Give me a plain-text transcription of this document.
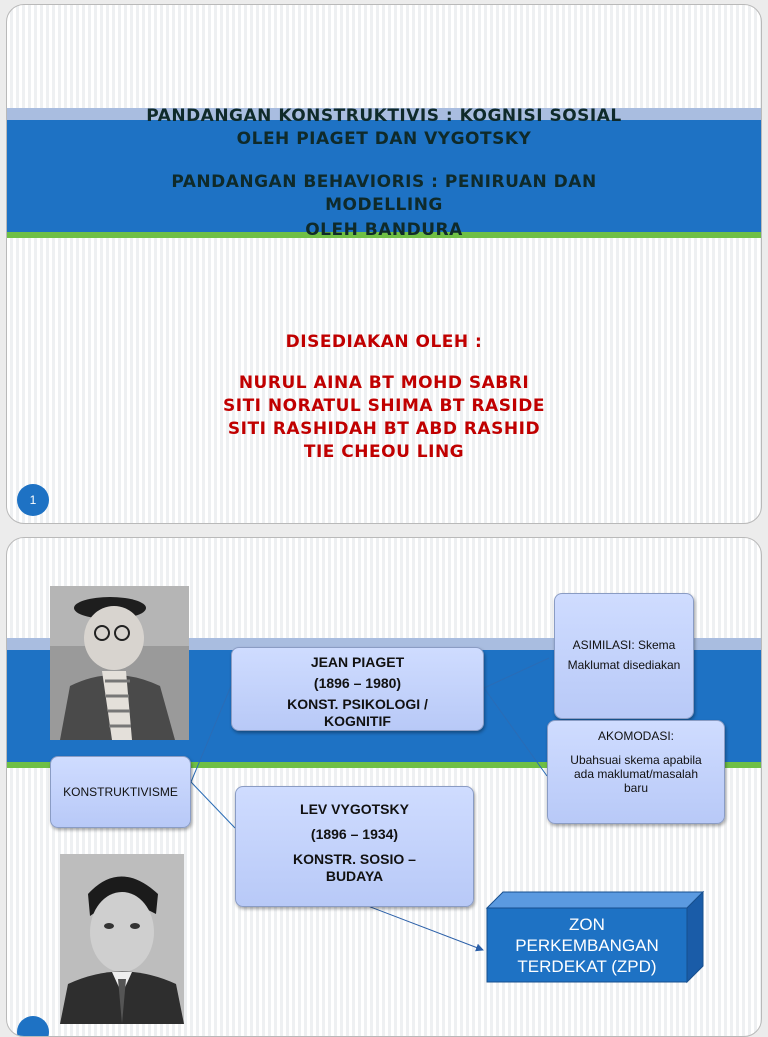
PANDANGAN KONSTRUKTIVIS : KOGNISI SOSIAL
OLEH PIAGET DAN VYGOTSKY
PANDANGAN BEHAVIORIS : PENIRUAN DAN
MODELLING
OLEH BANDURA
DISEDIAKAN OLEH :
NURUL AINA BT MOHD SABRI
SITI NORATUL SHIMA BT RASIDE
SITI RASHIDAH BT ABD RASHID
TIE CHEOU LING
1
KONSTRUKTIVISME
JEAN PIAGET
(1896 – 1980)
KONST. PSIKOLOGI /
KOGNITIF
LEV VYGOTSKY
(1896 – 1934)
KONSTR. SOSIO –
BUDAYA
ASIMILASI: Skema
Maklumat disediakan
AKOMODASI:
Ubahsuai skema apabila
ada maklumat/masalah
baru
ZON
PERKEMBANGAN
TERDEKAT (ZPD)
